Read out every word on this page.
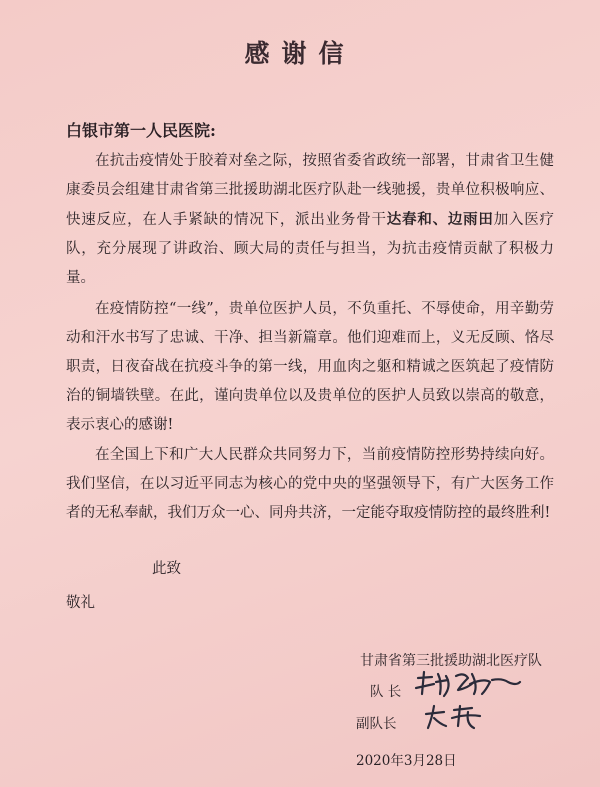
感谢信
白银市第一人民医院:

在抗击疫情处于胶着对垒之际，按照省委省政统一部署，甘肃省卫生健康委员会组建甘肃省第三批援助湖北医疗队赴一线驰援，贵单位积极响应、快速反应，在人手紧缺的情况下，派出业务骨干达春和、边雨田加入医疗队，充分展现了讲政治、顾大局的责任与担当，为抗击疫情贡献了积极力量。

在疫情防控“一线”，贵单位医护人员，不负重托、不辱使命，用辛勤劳动和汗水书写了忠诚、干净、担当新篇章。他们迎难而上，义无反顾、恪尽职责，日夜奋战在抗疫斗争的第一线，用血肉之躯和精诚之医筑起了疫情防治的铜墙铁壁。在此，谨向贵单位以及贵单位的医护人员致以崇高的敬意，表示衷心的感谢!

在全国上下和广大人民群众共同努力下，当前疫情防控形势持续向好。我们坚信，在以习近平同志为核心的党中央的坚强领导下，有广大医务工作者的无私奉献，我们万众一心、同舟共济，一定能夺取疫情防控的最终胜利!

此致
敬礼
甘肃省第三批援助湖北医疗队
队 长
副队长
2020年3月28日
